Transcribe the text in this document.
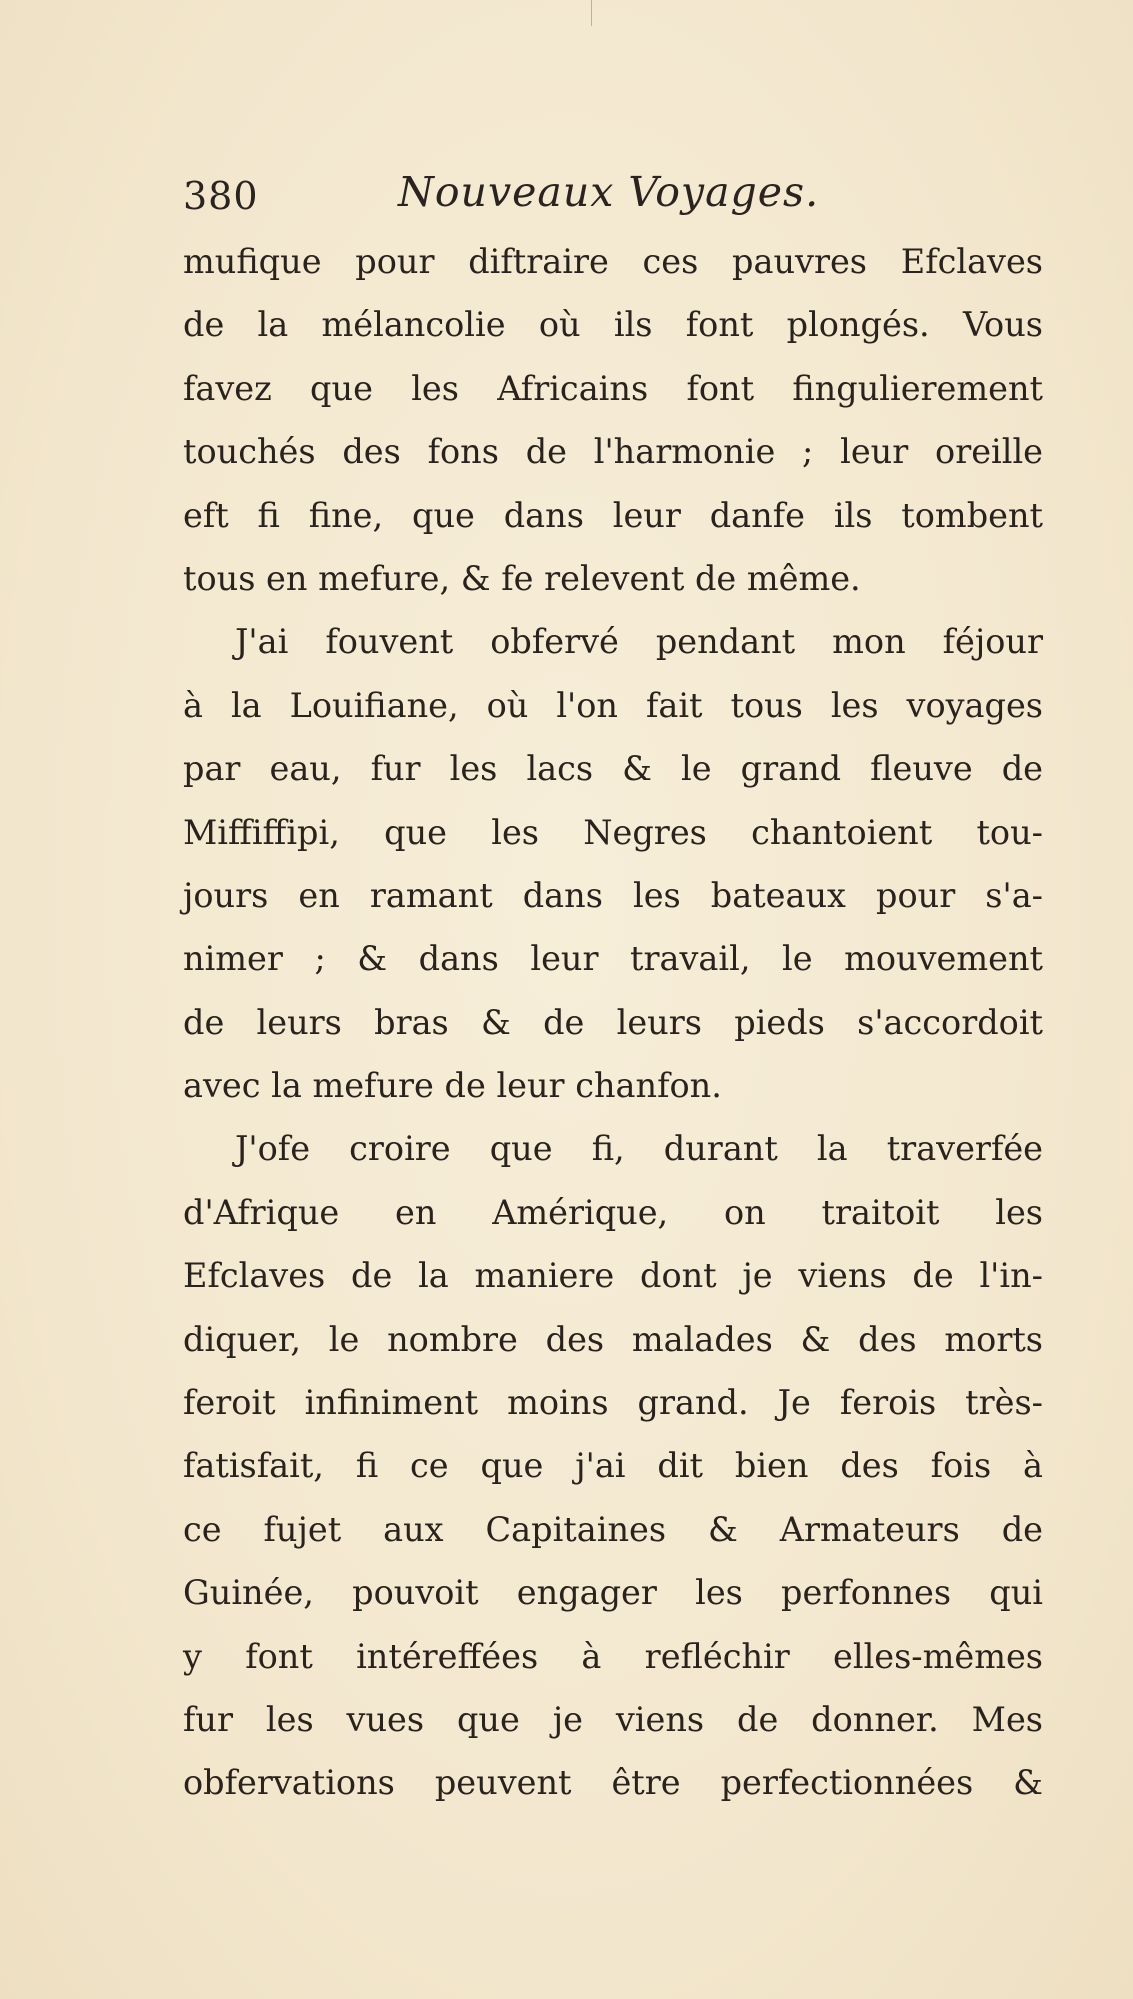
380	Nouveaux Voyages.
mufique pour diftraire ces pauvres Efclaves
de la mélancolie où ils font plongés. Vous
favez que les Africains font fingulierement
touchés des fons de l'harmonie ; leur oreille
eft fi fine, que dans leur danfe ils tombent
tous en mefure, & fe relevent de même.
J'ai fouvent obfervé pendant mon féjour
à la Louifiane, où l'on fait tous les voyages
par eau, fur les lacs & le grand fleuve de
Miffiffipi, que les Negres chantoient tou-
jours en ramant dans les bateaux pour s'a-
nimer ; & dans leur travail, le mouvement
de leurs bras & de leurs pieds s'accordoit
avec la mefure de leur chanfon.
J'ofe croire que fi, durant la traverfée
d'Afrique en Amérique, on traitoit les
Efclaves de la maniere dont je viens de l'in-
diquer, le nombre des malades & des morts
feroit infiniment moins grand. Je ferois très-
fatisfait, fi ce que j'ai dit bien des fois à
ce fujet aux Capitaines & Armateurs de
Guinée, pouvoit engager les perfonnes qui
y font intéreffées à refléchir elles-mêmes
fur les vues que je viens de donner. Mes
obfervations peuvent être perfectionnées &
